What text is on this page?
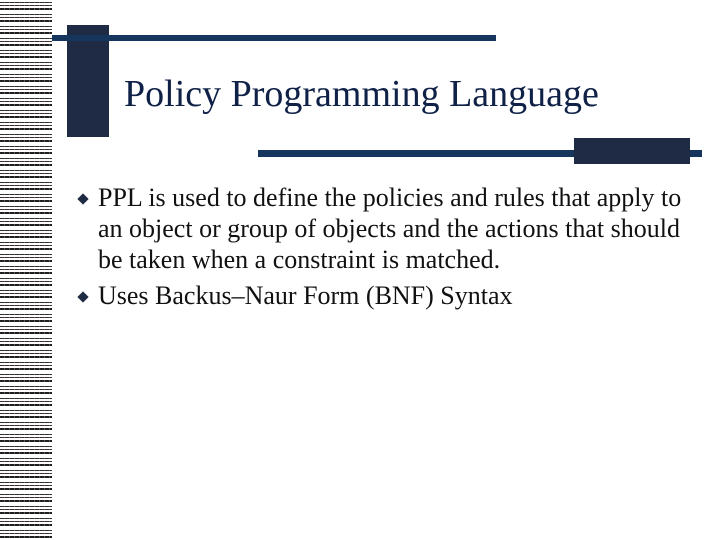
Policy Programming Language
PPL is used to define the policies and rules that apply to an object or group of objects and the actions that should be taken when a constraint is matched.
Uses Backus–Naur Form (BNF) Syntax
